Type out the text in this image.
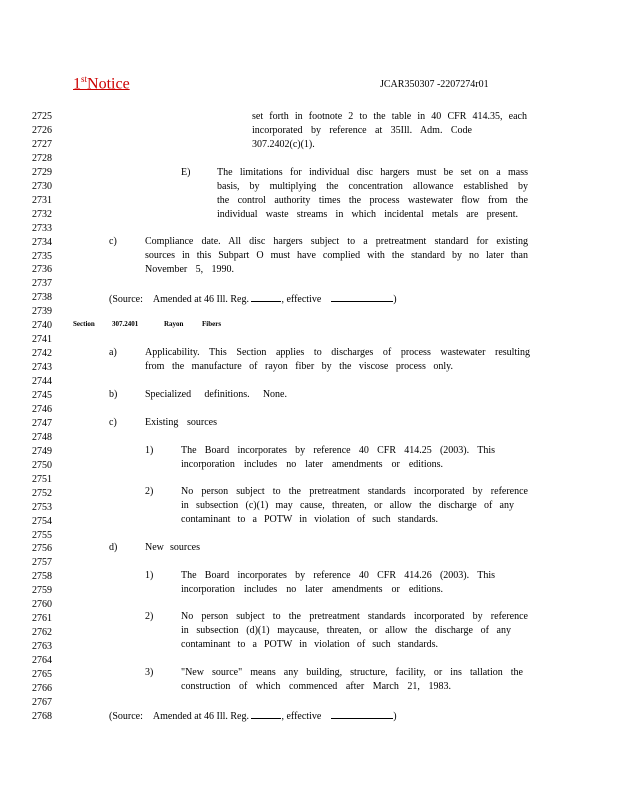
1stNotice	JCAR350307 -2207274r01
2725
2726
2727
2728
2729
2730
2731
2732
2733
2734
2735
2736
2737
2738
2739
2740
2741
2742
2743
2744
2745
2746
2747
2748
2749
2750
2751
2752
2753
2754
2755
2756
2757
2758
2759
2760
2761
2762
2763
2764
2765
2766
2767
2768
set forth in footnote 2 to the table in 40 CFR 414.35, each
incorporated by reference at 35Ill. Adm. Code
307.2402(c)(1).
E)	The limitations for individual disc hargers must be set on a mass
basis, by multiplying the concentration allowance established by
the control authority times the process wastewater flow from the
individual waste streams in which incidental metals are present.
c)	Compliance date. All disc hargers subject to a pretreatment standard for existing
sources in this Subpart O must have complied with the standard by no later than
November 5, 1990.
(Source: Amended at 46 Ill. Reg.	, effective	)
Section 307.2401	Rayon	Fibers
a)	Applicability. This Section applies to discharges of process wastewater resulting
from the manufacture of rayon fiber by the viscose process only.
b)	Specialized definitions. None.
c)	Existing sources
1)	The Board incorporates by reference 40 CFR 414.25 (2003). This
incorporation includes no later amendments or editions.
2)	No person subject to the pretreatment standards incorporated by reference
in subsection (c)(1) may cause, threaten, or allow the discharge of any
contaminant to a POTW in violation of such standards.
d)	New sources
1)	The Board incorporates by reference 40 CFR 414.26 (2003). This
incorporation includes no later amendments or editions.
2)	No person subject to the pretreatment standards incorporated by reference
in subsection (d)(1) maycause, threaten, or allow the discharge of any
contaminant to a POTW in violation of such standards.
3)	"New source" means any building, structure, facility, or ins tallation the
construction of which commenced after March 21, 1983.
(Source: Amended at 46 Ill. Reg.	, effective	)
